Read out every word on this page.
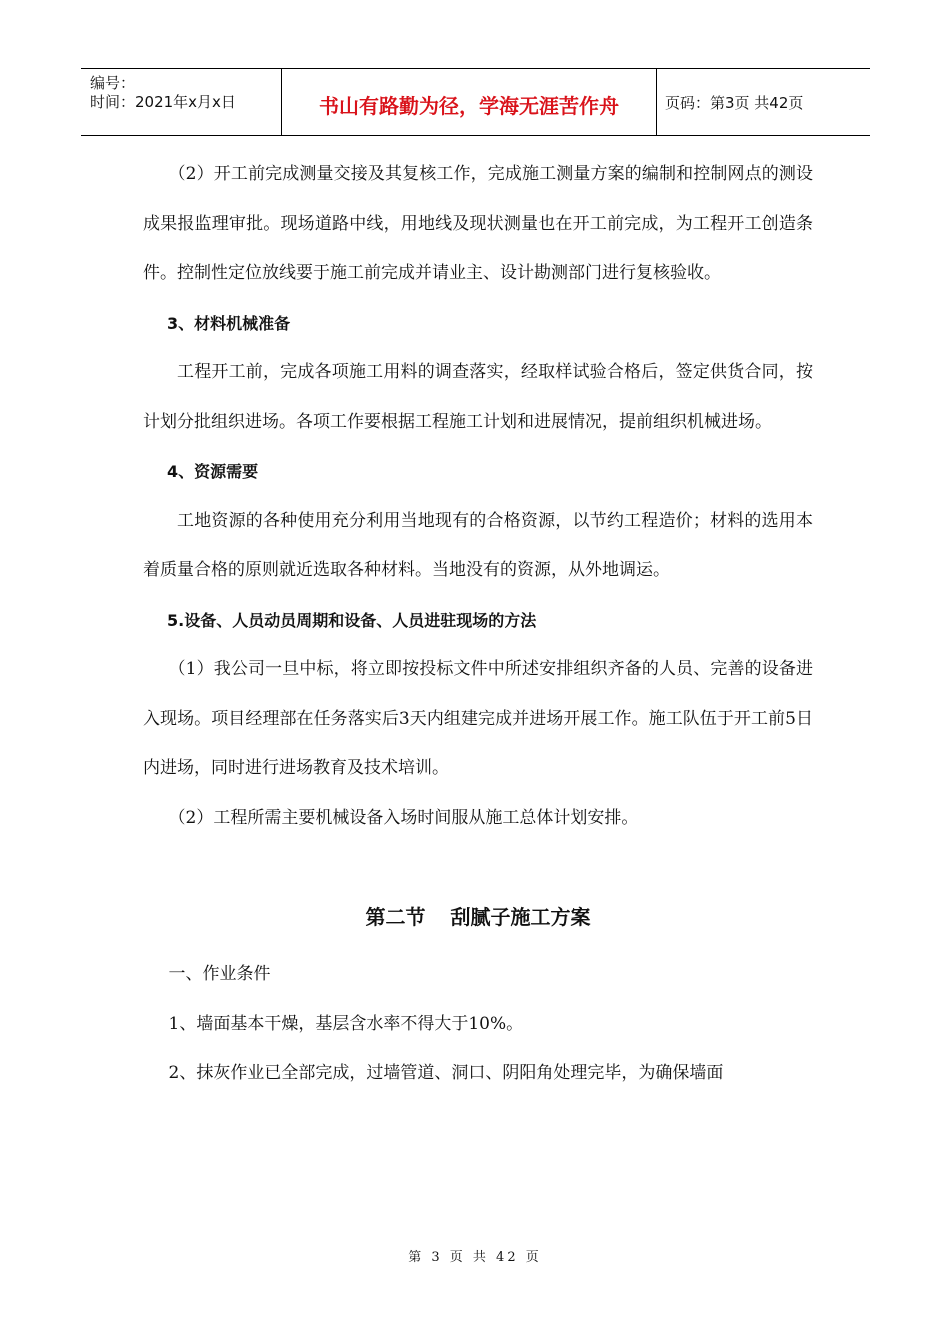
编号：
时间：2021年x月x日	书山有路勤为径，学海无涯苦作舟	页码：第3页 共42页

（2）开工前完成测量交接及其复核工作，完成施工测量方案的编制和控制网点的测设成果报监理审批。现场道路中线，用地线及现状测量也在开工前完成，为工程开工创造条件。控制性定位放线要于施工前完成并请业主、设计勘测部门进行复核验收。

3、材料机械准备

工程开工前，完成各项施工用料的调查落实，经取样试验合格后，签定供货合同，按计划分批组织进场。各项工作要根据工程施工计划和进展情况，提前组织机械进场。

4、资源需要

工地资源的各种使用充分利用当地现有的合格资源，以节约工程造价；材料的选用本着质量合格的原则就近选取各种材料。当地没有的资源，从外地调运。

5.设备、人员动员周期和设备、人员进驻现场的方法

（1）我公司一旦中标，将立即按投标文件中所述安排组织齐备的人员、完善的设备进入现场。项目经理部在任务落实后3天内组建完成并进场开展工作。施工队伍于开工前5日内进场，同时进行进场教育及技术培训。

（2）工程所需主要机械设备入场时间服从施工总体计划安排。

第二节 刮腻子施工方案

一、作业条件

1、墙面基本干燥，基层含水率不得大于10%。

2、抹灰作业已全部完成，过墙管道、洞口、阴阳角处理完毕，为确保墙面

第 3 页 共 42 页
